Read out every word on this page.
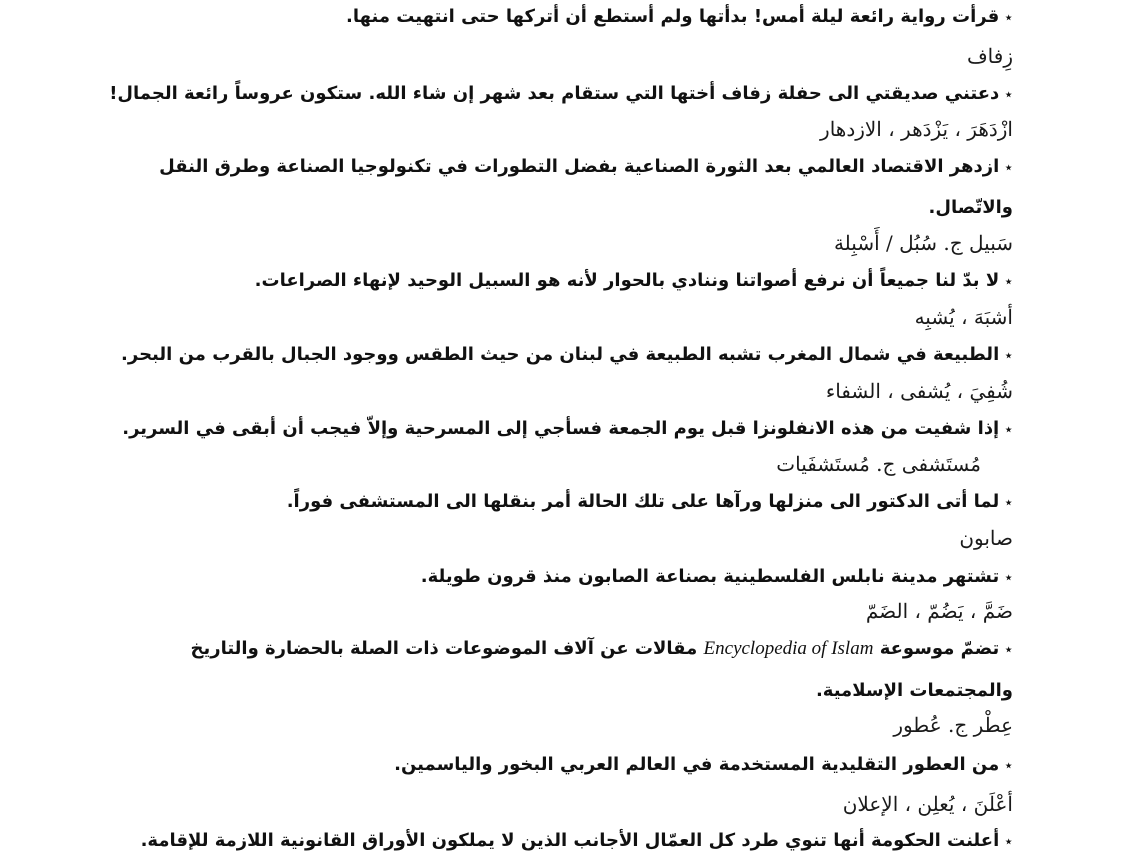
⋆قرأت رواية رائعة ليلة أمس! بدأتها ولم أستطع أن أتركها حتى انتهيت منها.
زِفاف
⋆دعتني صديقتي الى حفلة زفاف أختها التي ستقام بعد شهر إن شاء الله. ستكون عروساً رائعة الجمال!
ازْدَهَرَ ، يَزْدَهر ، الازدهار
⋆ازدهر الاقتصاد العالمي بعد الثورة الصناعية بفضل التطورات في تكنولوجيا الصناعة وطرق النقل
والاتّصال.
سَبيل ج. سُبُل / أَسْبِلة
⋆لا بدّ لنا جميعاً أن نرفع أصواتنا وننادي بالحوار لأنه هو السبيل الوحيد لإنهاء الصراعات.
أشبَهَ ، يُشبِه
⋆الطبيعة في شمال المغرب تشبه الطبيعة في لبنان من حيث الطقس ووجود الجبال بالقرب من البحر.
شُفِيَ ، يُشفى ، الشفاء
⋆إذا شفيت من هذه الانفلونزا قبل يوم الجمعة فسأجي إلى المسرحية وإلاّ فيجب أن أبقى في السرير.
مُستَشفى ج. مُستَشفَيات
⋆لما أتى الدكتور الى منزلها ورآها على تلك الحالة أمر بنقلها الى المستشفى فوراً.
صابون
⋆تشتهر مدينة نابلس الفلسطينية بصناعة الصابون منذ قرون طويلة.
ضَمَّ ، يَضُمّ ، الضَمّ
⋆تضمّ موسوعة Encyclopedia of Islam مقالات عن آلاف الموضوعات ذات الصلة بالحضارة والتاريخ
والمجتمعات الإسلامية.
عِطْر ج. عُطور
⋆من العطور التقليدية المستخدمة في العالم العربي البخور والياسمين.
أعْلَنَ ، يُعلِن ، الإعلان
⋆أعلنت الحكومة أنها تنوي طرد كل العمّال الأجانب الذين لا يملكون الأوراق القانونية اللازمة للإقامة.
